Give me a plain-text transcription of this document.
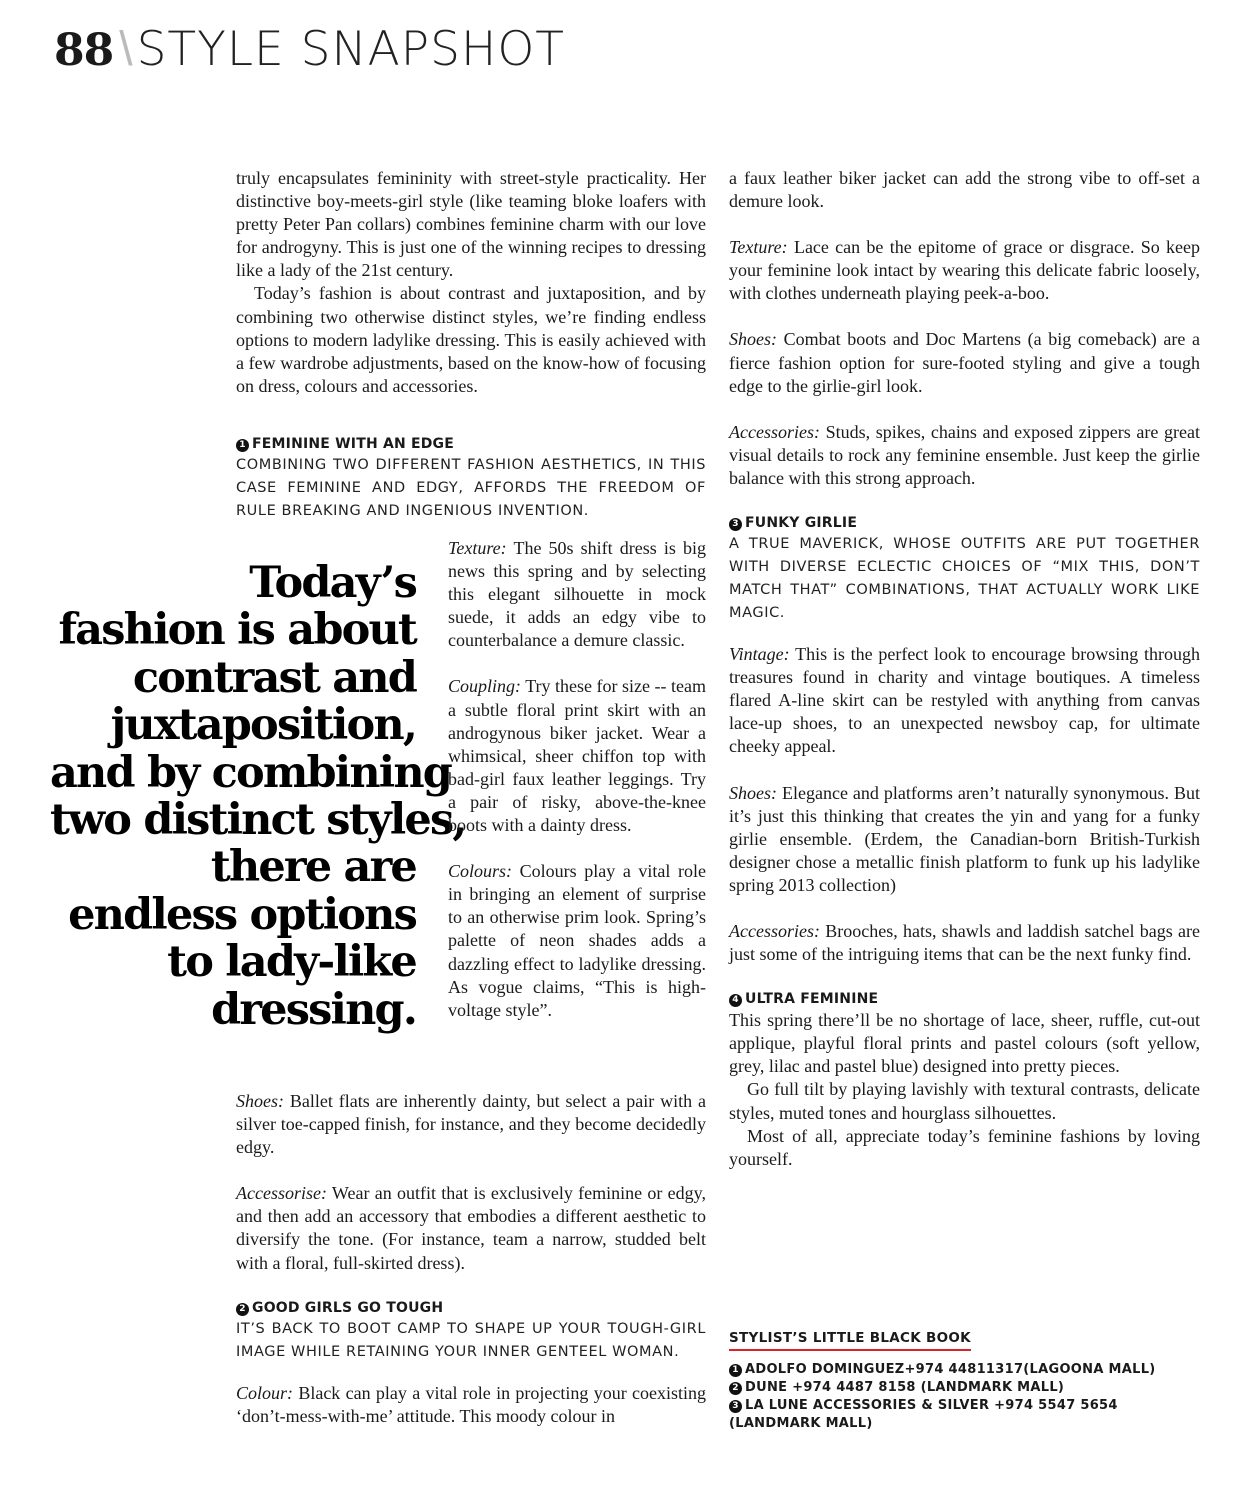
88 \STYLE SNAPSHOT

truly encapsulates femininity with street-style practicality. Her distinctive boy-meets-girl style (like teaming bloke loafers with pretty Peter Pan collars) combines feminine charm with our love for androgyny. This is just one of the winning recipes to dressing like a lady of the 21st century.

Today’s fashion is about contrast and juxtaposition, and by combining two otherwise distinct styles, we’re finding endless options to modern ladylike dressing. This is easily achieved with a few wardrobe adjustments, based on the know-how of focusing on dress, colours and accessories.

1 FEMININE WITH AN EDGE

COMBINING TWO DIFFERENT FASHION AESTHETICS, IN THIS CASE FEMININE AND EDGY, AFFORDS THE FREEDOM OF RULE BREAKING AND INGENIOUS INVENTION.

Today’s
fashion is about
contrast and
juxtaposition,
and by combining
two distinct styles,
there are
endless options
to lady-like
dressing.

Texture: The 50s shift dress is big news this spring and by selecting this elegant silhouette in mock suede, it adds an edgy vibe to counterbalance a demure classic.

Coupling: Try these for size -- team a subtle floral print skirt with an androgynous biker jacket. Wear a whimsical, sheer chiffon top with bad-girl faux leather leggings. Try a pair of risky, above-the-knee boots with a dainty dress.

Colours: Colours play a vital role in bringing an element of surprise to an otherwise prim look. Spring’s palette of neon shades adds a dazzling effect to ladylike dressing. As vogue claims, “This is high-voltage style”.

Shoes: Ballet flats are inherently dainty, but select a pair with a silver toe-capped finish, for instance, and they become decidedly edgy.

Accessorise: Wear an outfit that is exclusively feminine or edgy, and then add an accessory that embodies a different aesthetic to diversify the tone. (For instance, team a narrow, studded belt with a floral, full-skirted dress).

2 GOOD GIRLS GO TOUGH

IT’S BACK TO BOOT CAMP TO SHAPE UP YOUR TOUGH-GIRL IMAGE WHILE RETAINING YOUR INNER GENTEEL WOMAN.

Colour: Black can play a vital role in projecting your coexisting ‘don’t-mess-with-me’ attitude. This moody colour in

a faux leather biker jacket can add the strong vibe to off-set a demure look.

Texture: Lace can be the epitome of grace or disgrace. So keep your feminine look intact by wearing this delicate fabric loosely, with clothes underneath playing peek-a-boo.

Shoes: Combat boots and Doc Martens (a big comeback) are a fierce fashion option for sure-footed styling and give a tough edge to the girlie-girl look.

Accessories: Studs, spikes, chains and exposed zippers are great visual details to rock any feminine ensemble. Just keep the girlie balance with this strong approach.

3 FUNKY GIRLIE

A TRUE MAVERICK, WHOSE OUTFITS ARE PUT TOGETHER WITH DIVERSE ECLECTIC CHOICES OF “MIX THIS, DON’T MATCH THAT” COMBINATIONS, THAT ACTUALLY WORK LIKE MAGIC.

Vintage: This is the perfect look to encourage browsing through treasures found in charity and vintage boutiques. A timeless flared A-line skirt can be restyled with anything from canvas lace-up shoes, to an unexpected newsboy cap, for ultimate cheeky appeal.

Shoes: Elegance and platforms aren’t naturally synonymous. But it’s just this thinking that creates the yin and yang for a funky girlie ensemble. (Erdem, the Canadian-born British-Turkish designer chose a metallic finish platform to funk up his ladylike spring 2013 collection)

Accessories: Brooches, hats, shawls and laddish satchel bags are just some of the intriguing items that can be the next funky find.

4 ULTRA FEMININE

This spring there’ll be no shortage of lace, sheer, ruffle, cut-out applique, playful floral prints and pastel colours (soft yellow, grey, lilac and pastel blue) designed into pretty pieces.

Go full tilt by playing lavishly with textural contrasts, delicate styles, muted tones and hourglass silhouettes.

Most of all, appreciate today’s feminine fashions by loving yourself.

STYLIST’S LITTLE BLACK BOOK

1 ADOLFO DOMINGUEZ+974 44811317(LAGOONA MALL)

2 DUNE +974 4487 8158 (LANDMARK MALL)

3 LA LUNE ACCESSORIES & SILVER +974 5547 5654 (LANDMARK MALL)
